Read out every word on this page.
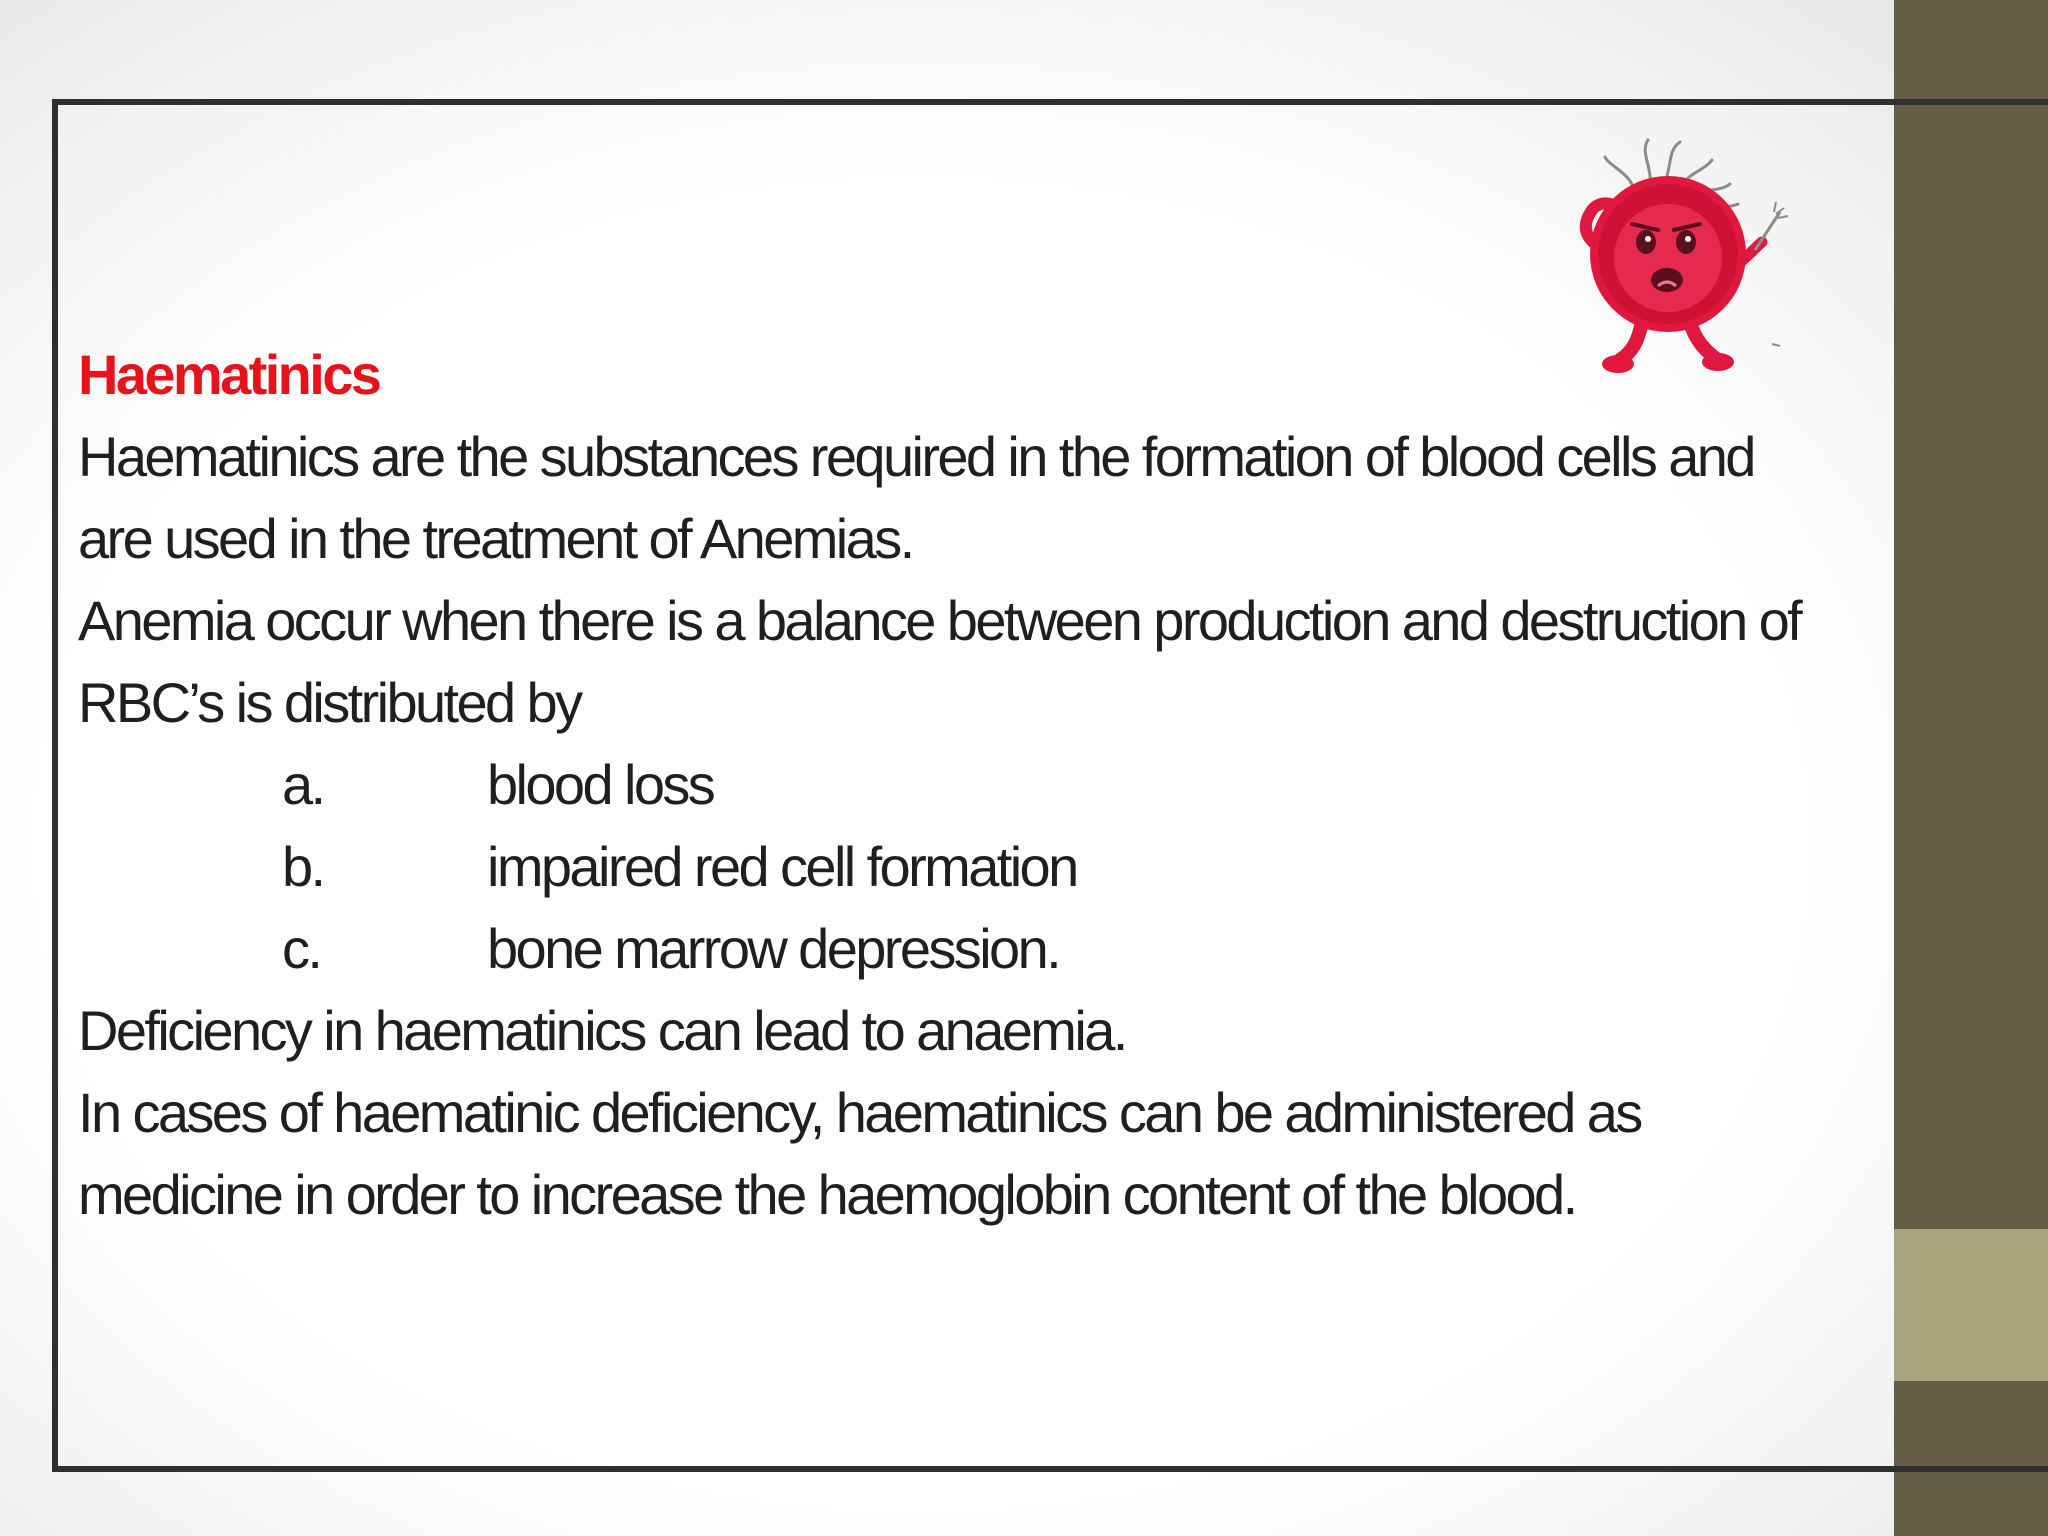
Haematinics
Haematinics are the substances required in the formation of blood cells and
are used in the treatment of Anemias.
Anemia occur when there is a balance between production and destruction of
RBC’s is distributed by
a.	blood loss
b.	impaired red cell formation
c.	bone marrow depression.
Deficiency in haematinics can lead to anaemia.
In cases of haematinic deficiency, haematinics can be administered as
medicine in order to increase the haemoglobin content of the blood.
